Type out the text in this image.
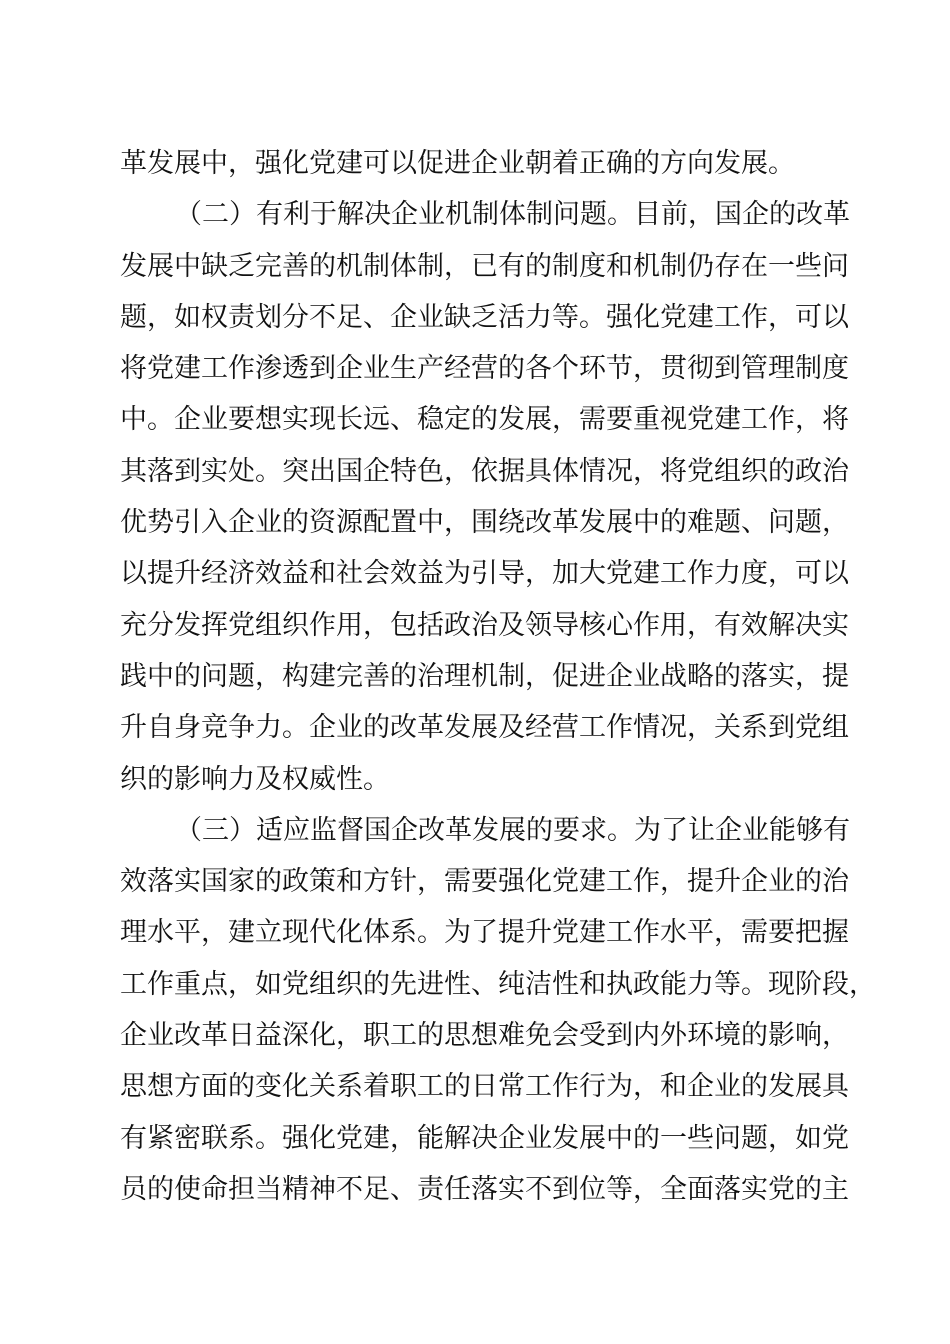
革发展中，强化党建可以促进企业朝着正确的方向发展。
（二）有利于解决企业机制体制问题。目前，国企的改革
发展中缺乏完善的机制体制，已有的制度和机制仍存在一些问
题，如权责划分不足、企业缺乏活力等。强化党建工作，可以
将党建工作渗透到企业生产经营的各个环节，贯彻到管理制度
中。企业要想实现长远、稳定的发展，需要重视党建工作，将
其落到实处。突出国企特色，依据具体情况，将党组织的政治
优势引入企业的资源配置中，围绕改革发展中的难题、问题，
以提升经济效益和社会效益为引导，加大党建工作力度，可以
充分发挥党组织作用，包括政治及领导核心作用，有效解决实
践中的问题，构建完善的治理机制，促进企业战略的落实，提
升自身竞争力。企业的改革发展及经营工作情况，关系到党组
织的影响力及权威性。
（三）适应监督国企改革发展的要求。为了让企业能够有
效落实国家的政策和方针，需要强化党建工作，提升企业的治
理水平，建立现代化体系。为了提升党建工作水平，需要把握
工作重点，如党组织的先进性、纯洁性和执政能力等。现阶段，
企业改革日益深化，职工的思想难免会受到内外环境的影响，
思想方面的变化关系着职工的日常工作行为，和企业的发展具
有紧密联系。强化党建，能解决企业发展中的一些问题，如党
员的使命担当精神不足、责任落实不到位等，全面落实党的主
